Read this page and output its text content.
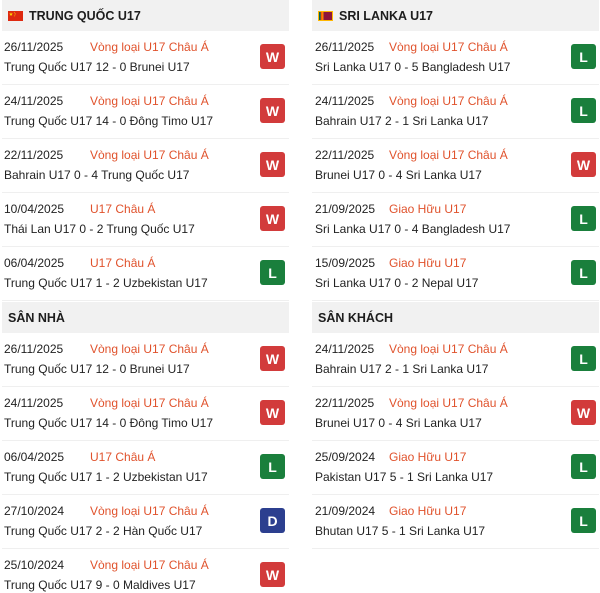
TRUNG QUỐC U17
26/11/2025 Vòng loại U17 Châu Á
Trung Quốc U17 12 - 0 Brunei U17
W
24/11/2025 Vòng loại U17 Châu Á
Trung Quốc U17 14 - 0 Đông Timo U17
W
22/11/2025 Vòng loại U17 Châu Á
Bahrain U17 0 - 4 Trung Quốc U17
W
10/04/2025 U17 Châu Á
Thái Lan U17 0 - 2 Trung Quốc U17
W
06/04/2025 U17 Châu Á
Trung Quốc U17 1 - 2 Uzbekistan U17
L
SÂN NHÀ
26/11/2025 Vòng loại U17 Châu Á
Trung Quốc U17 12 - 0 Brunei U17
W
24/11/2025 Vòng loại U17 Châu Á
Trung Quốc U17 14 - 0 Đông Timo U17
W
06/04/2025 U17 Châu Á
Trung Quốc U17 1 - 2 Uzbekistan U17
L
27/10/2024 Vòng loại U17 Châu Á
Trung Quốc U17 2 - 2 Hàn Quốc U17
D
25/10/2024 Vòng loại U17 Châu Á
Trung Quốc U17 9 - 0 Maldives U17
W
SRI LANKA U17
26/11/2025 Vòng loại U17 Châu Á
Sri Lanka U17 0 - 5 Bangladesh U17
L
24/11/2025 Vòng loại U17 Châu Á
Bahrain U17 2 - 1 Sri Lanka U17
L
22/11/2025 Vòng loại U17 Châu Á
Brunei U17 0 - 4 Sri Lanka U17
W
21/09/2025 Giao Hữu U17
Sri Lanka U17 0 - 4 Bangladesh U17
L
15/09/2025 Giao Hữu U17
Sri Lanka U17 0 - 2 Nepal U17
L
SÂN KHÁCH
24/11/2025 Vòng loại U17 Châu Á
Bahrain U17 2 - 1 Sri Lanka U17
L
22/11/2025 Vòng loại U17 Châu Á
Brunei U17 0 - 4 Sri Lanka U17
W
25/09/2024 Giao Hữu U17
Pakistan U17 5 - 1 Sri Lanka U17
L
21/09/2024 Giao Hữu U17
Bhutan U17 5 - 1 Sri Lanka U17
L
